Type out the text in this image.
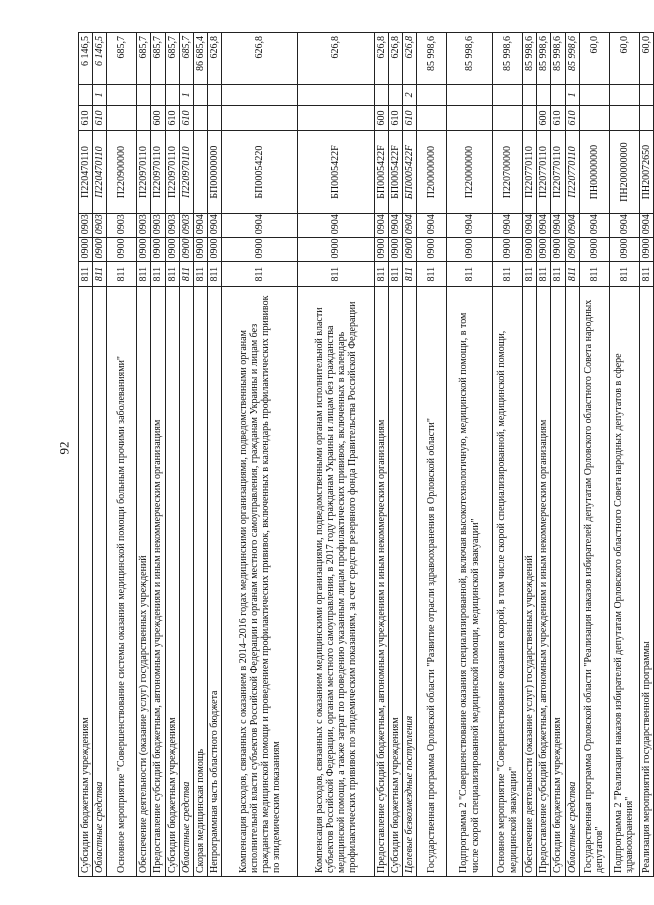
92
Субсидии бюджетным учреждениям	811	0900	0903	П220470110	610		6 146,5
Областные средства	811	0900	0903	П220470110	610	1	6 146,5
Основное мероприятие "Совершенствование системы оказания медицинской помощи больным прочими заболеваниями"	811	0900	0903	П220900000			685,7
Обеспечение деятельности (оказание услуг) государственных учреждений	811	0900	0903	П220970110			685,7
Предоставление субсидий бюджетным, автономным учреждениям и иным некоммерческим организациям	811	0900	0903	П220970110	600		685,7
Субсидии бюджетным учреждениям	811	0900	0903	П220970110	610		685,7
Областные средства	811	0900	0903	П220970110	610	1	685,7
Скорая медицинская помощь	811	0900	0904				86 685,4
Непрограммная часть областного бюджета	811	0900	0904	БП00000000			626,8
Компенсация расходов, связанных с оказанием в 2014–2016 годах медицинскими организациями, подведомственными органам исполнительной власти субъектов Российской Федерации и органам местного самоуправления, гражданам Украины и лицам без гражданства медицинской помощи и проведением профилактических прививок, включенных в календарь профилактических прививок по эпидемическим показаниям	811	0900	0904	БП00054220			626,8
Компенсация расходов, связанных с оказанием медицинскими организациями, подведомственными органам исполнительной власти субъектов Российской Федерации, органам местного самоуправления, в 2017 году гражданам Украины и лицам без гражданства медицинской помощи, а также затрат по проведению указанным лицам профилактических прививок, включенных в календарь профилактических прививок по эпидемическим показаниям, за счет средств резервного фонда Правительства Российской Федерации	811	0900	0904	БП0005422F			626,8
Предоставление субсидий бюджетным, автономным учреждениям и иным некоммерческим организациям	811	0900	0904	БП0005422F	600		626,8
Субсидии бюджетным учреждениям	811	0900	0904	БП0005422F	610		626,8
Целевые безвозмездные поступления	811	0900	0904	БП0005422F	610	2	626,8
Государственная программа Орловской области "Развитие отрасли здравоохранения в Орловской области"	811	0900	0904	П200000000			85 998,6
Подпрограмма 2 "Совершенствование оказания специализированной, включая высокотехнологичную, медицинской помощи, в том числе скорой специализированной медицинской помощи, медицинской эвакуации"	811	0900	0904	П220000000			85 998,6
Основное мероприятие "Совершенствование оказания скорой, в том числе скорой специализированной, медицинской помощи, медицинской эвакуации"	811	0900	0904	П220700000			85 998,6
Обеспечение деятельности (оказание услуг) государственных учреждений	811	0900	0904	П220770110			85 998,6
Предоставление субсидий бюджетным, автономным учреждениям и иным некоммерческим организациям	811	0900	0904	П220770110	600		85 998,6
Субсидии бюджетным учреждениям	811	0900	0904	П220770110	610		85 998,6
Областные средства	811	0900	0904	П220770110	610	1	85 998,6
Государственная программа Орловской области "Реализация наказов избирателей депутатам Орловского областного Совета народных депутатов"	811	0900	0904	ПН00000000			60,0
Подпрограмма 2 "Реализация наказов избирателей депутатам Орловского областного Совета народных депутатов в сфере здравоохранения"	811	0900	0904	ПН200000000			60,0
Реализация мероприятий государственной программы	811	0900	0904	ПН20072650			60,0
